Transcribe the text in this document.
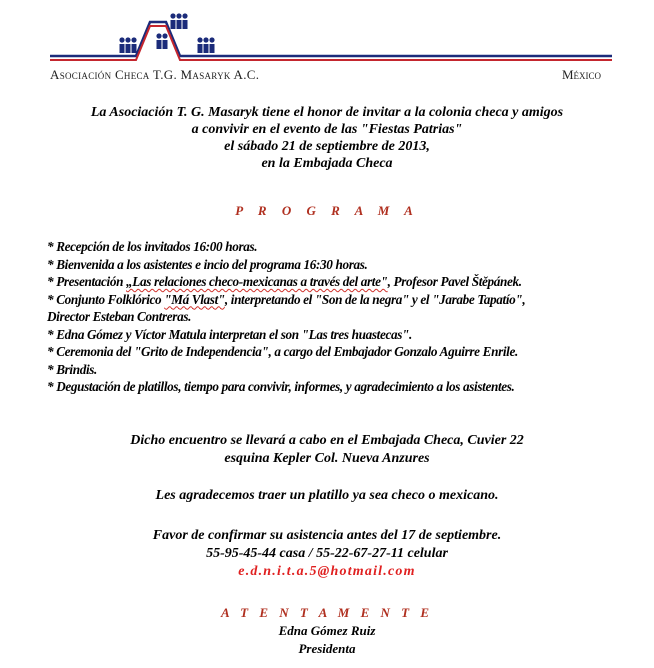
Asociación Checa T.G. Masaryk A.C.	México
La Asociación T. G. Masaryk tiene el honor de invitar a la colonia checa y amigos
a convivir en el evento de las "Fiestas Patrias"
el sábado 21 de septiembre de 2013,
en la Embajada Checa
P R O G R A M A
* Recepción de los invitados 16:00 horas.
* Bienvenida a los asistentes e incio del programa 16:30 horas.
* Presentación „Las relaciones checo-mexicanas a través del arte", Profesor Pavel Štěpánek.
* Conjunto Folklórico "Má Vlast", interpretando el "Son de la negra" y el "Jarabe Tapatío",
Director Esteban Contreras.
* Edna Gómez y Víctor Matula interpretan el son "Las tres huastecas".
* Ceremonia del "Grito de Independencia", a cargo del Embajador Gonzalo Aguirre Enrile.
* Brindis.
* Degustación de platillos, tiempo para convivir, informes, y agradecimiento a los asistentes.
Dicho encuentro se llevará a cabo en el Embajada Checa, Cuvier 22
esquina Kepler Col. Nueva Anzures
Les agradecemos traer un platillo ya sea checo o mexicano.
Favor de confirmar su asistencia antes del 17 de septiembre.
55-95-45-44 casa / 55-22-67-27-11 celular
e.d.n.i.t.a.5@hotmail.com
A T E N T A M E N T E
Edna Gómez Ruiz
Presidenta
